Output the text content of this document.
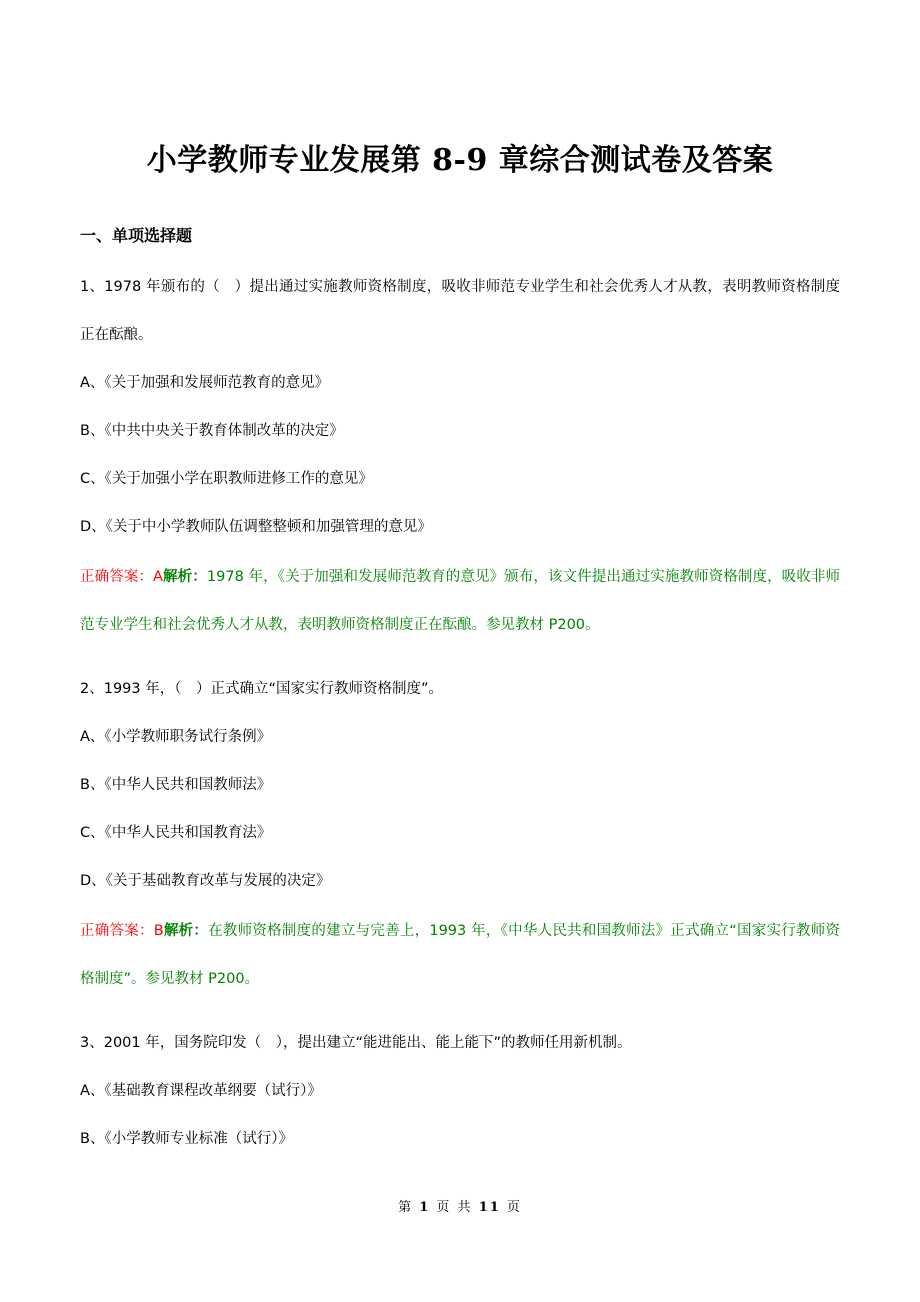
小学教师专业发展第 8-9 章综合测试卷及答案
一、单项选择题

1、1978 年颁布的（　）提出通过实施教师资格制度，吸收非师范专业学生和社会优秀人才从教，表明教师资格制度正在酝酿。

A、《关于加强和发展师范教育的意见》

B、《中共中央关于教育体制改革的决定》

C、《关于加强小学在职教师进修工作的意见》

D、《关于中小学教师队伍调整整顿和加强管理的意见》

正确答案：A解析：1978 年，《关于加强和发展师范教育的意见》颁布，该文件提出通过实施教师资格制度，吸收非师范专业学生和社会优秀人才从教，表明教师资格制度正在酝酿。参见教材 P200。

2、1993 年，（　）正式确立“国家实行教师资格制度”。

A、《小学教师职务试行条例》

B、《中华人民共和国教师法》

C、《中华人民共和国教育法》

D、《关于基础教育改革与发展的决定》

正确答案：B解析：在教师资格制度的建立与完善上，1993 年，《中华人民共和国教师法》正式确立“国家实行教师资格制度”。参见教材 P200。

3、2001 年，国务院印发（　），提出建立“能进能出、能上能下”的教师任用新机制。

A、《基础教育课程改革纲要（试行）》

B、《小学教师专业标准（试行）》

第 1 页 共 11 页
